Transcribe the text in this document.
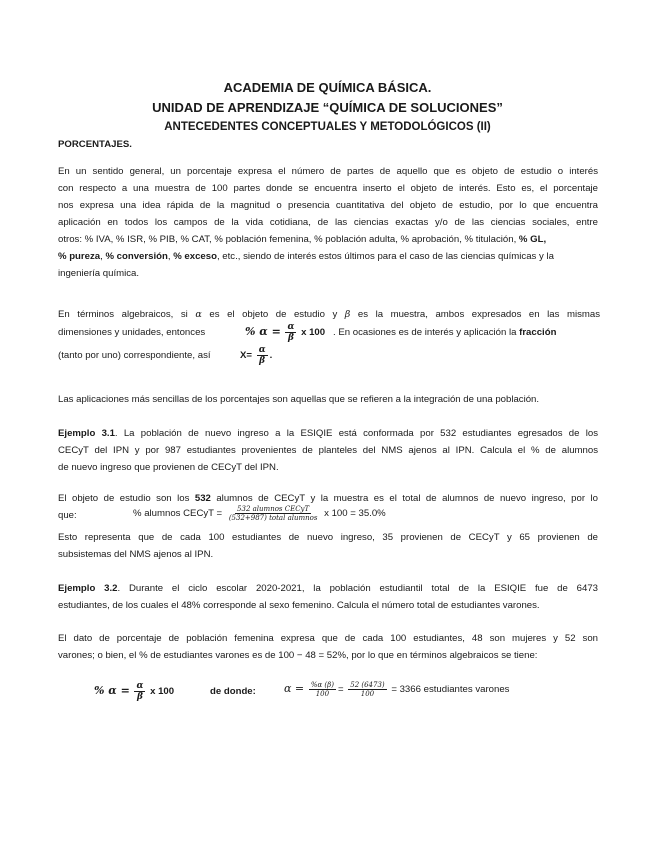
ACADEMIA DE QUÍMICA BÁSICA.
UNIDAD DE APRENDIZAJE “QUÍMICA DE SOLUCIONES”
ANTECEDENTES CONCEPTUALES Y METODOLÓGICOS (II)
PORCENTAJES.
En un sentido general, un porcentaje expresa el número de partes de aquello que es objeto de estudio o interés
con respecto a una muestra de 100 partes donde se encuentra inserto el objeto de interés. Esto es, el porcentaje
nos expresa una idea rápida de la magnitud o presencia cuantitativa del objeto de estudio, por lo que encuentra
aplicación en todos los campos de la vida cotidiana, de las ciencias exactas y/o de las ciencias sociales, entre
otros: % IVA, % ISR, % PIB, % CAT, % población femenina, % población adulta, % aprobación, % titulación, % GL,
% pureza, % conversión, % exceso, etc., siendo de interés estos últimos para el caso de las ciencias químicas y la
ingeniería química.
En términos algebraicos, si α es el objeto de estudio y β es la muestra, ambos expresados en las mismas
dimensiones y unidades, entonces	% $\alpha = \frac{\alpha}{\beta}$ x 100 . En ocasiones es de interés y aplicación la fracción
(tanto por uno) correspondiente, así	$X= \frac{\alpha}{\beta}$ .
Las aplicaciones más sencillas de los porcentajes son aquellas que se refieren a la integración de una población.
Ejemplo 3.1. La población de nuevo ingreso a la ESIQIE está conformada por 532 estudiantes egresados de los
CECyT del IPN y por 987 estudiantes provenientes de planteles del NMS ajenos al IPN. Calcula el % de alumnos
de nuevo ingreso que provienen de CECyT del IPN.
El objeto de estudio son los 532 alumnos de CECyT y la muestra es el total de alumnos de nuevo ingreso, por lo
que:	% alumnos CECyT = $\frac{\text{532 alumnos CECyT}}{\text{(532+987) total alumnos}}$ x 100 = 35.0%
Esto representa que de cada 100 estudiantes de nuevo ingreso, 35 provienen de CECyT y 65 provienen de
subsistemas del NMS ajenos al IPN.
Ejemplo 3.2. Durante el ciclo escolar 2020-2021, la población estudiantil total de la ESIQIE fue de 6473
estudiantes, de los cuales el 48% corresponde al sexo femenino. Calcula el número total de estudiantes varones.
El dato de porcentaje de población femenina expresa que de cada 100 estudiantes, 48 son mujeres y 52 son
varones; o bien, el % de estudiantes varones es de 100 − 48 = 52%, por lo que en términos algebraicos se tiene:
% $\alpha = \frac{\alpha}{\beta}$ x 100	de donde:	$\alpha = \frac{\%\alpha (\beta)}{100} = \frac{52 (6473)}{100} = 3366$ estudiantes varones
